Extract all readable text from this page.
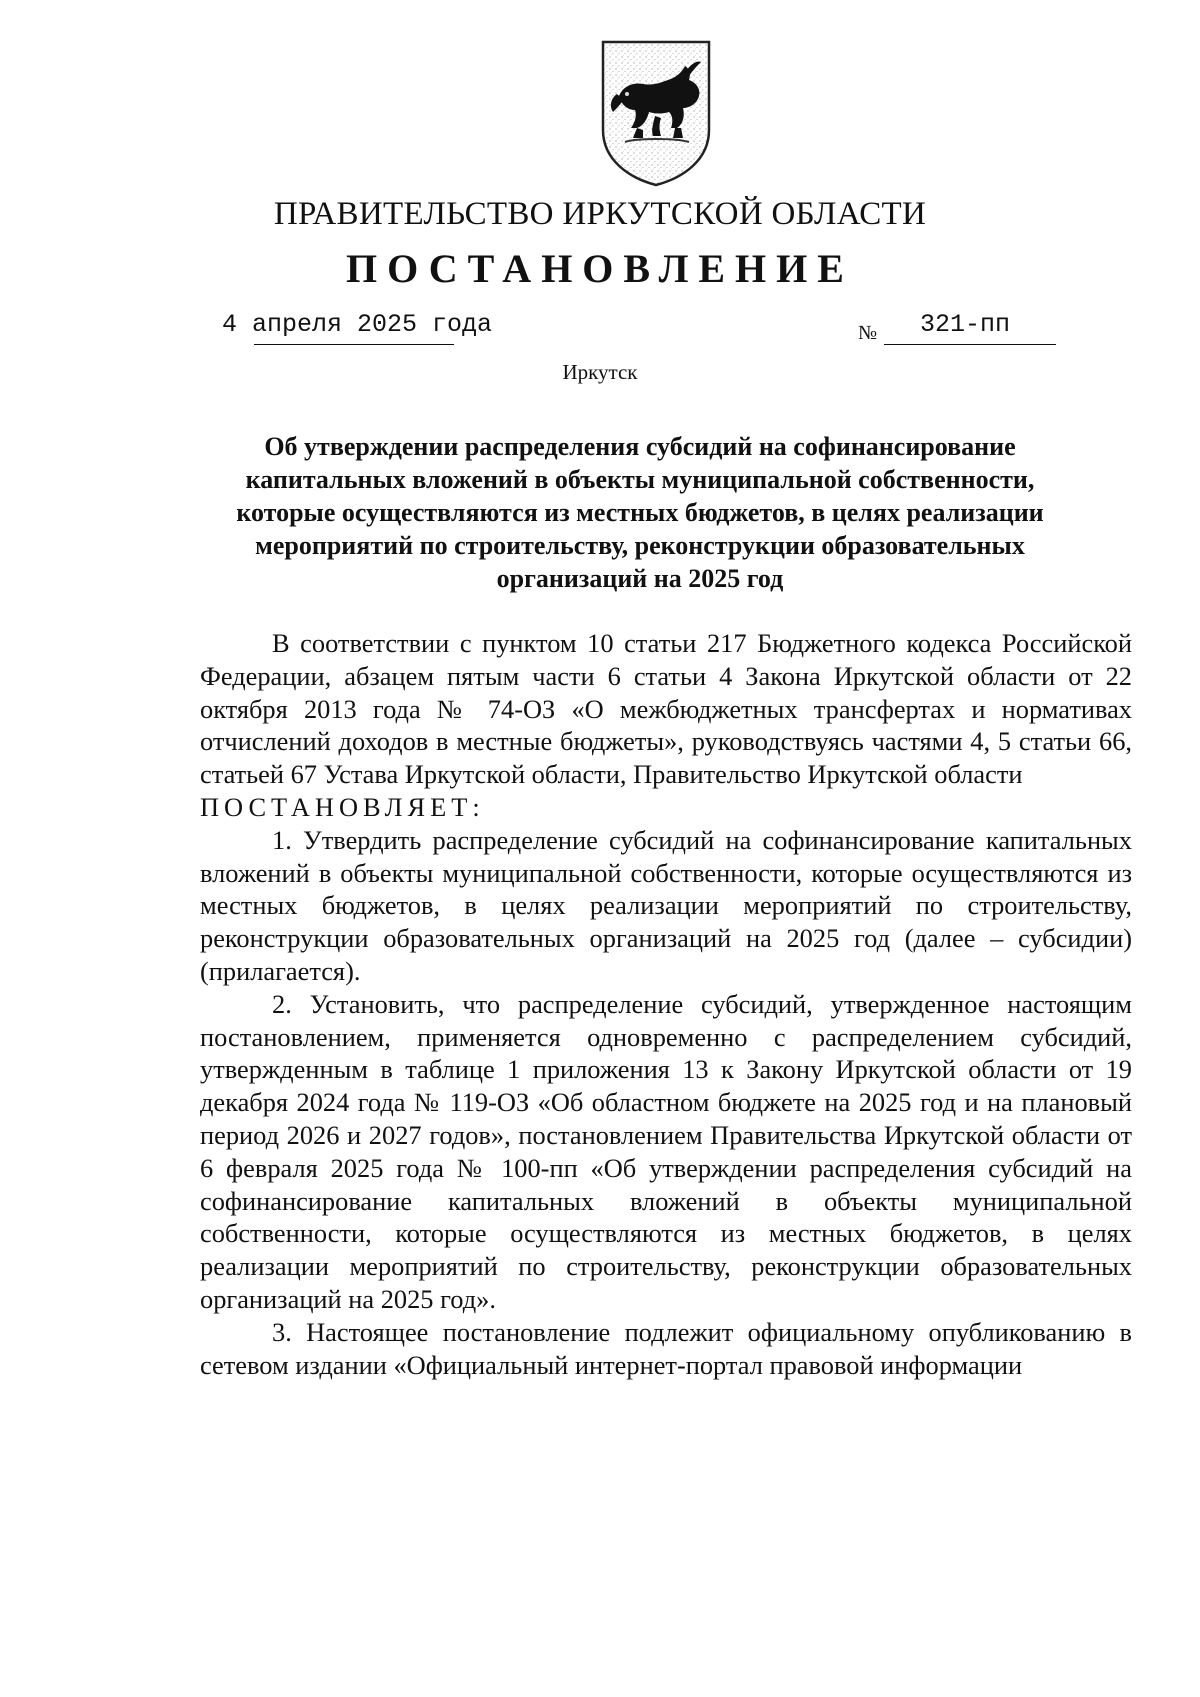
ПРАВИТЕЛЬСТВО ИРКУТСКОЙ ОБЛАСТИ
ПОСТАНОВЛЕНИЕ
4 апреля 2025 года	№ 321-пп
Иркутск
Об утверждении распределения субсидий на софинансирование
капитальных вложений в объекты муниципальной собственности,
которые осуществляются из местных бюджетов, в целях реализации
мероприятий по строительству, реконструкции образовательных
организаций на 2025 год

В соответствии с пунктом 10 статьи 217 Бюджетного кодекса Российской Федерации, абзацем пятым части 6 статьи 4 Закона Иркутской области от 22 октября 2013 года № 74-ОЗ «О межбюджетных трансфертах и нормативах отчислений доходов в местные бюджеты», руководствуясь частями 4, 5 статьи 66, статьей 67 Устава Иркутской области, Правительство Иркутской области

ПОСТАНОВЛЯЕТ:

1. Утвердить распределение субсидий на софинансирование капитальных вложений в объекты муниципальной собственности, которые осуществляются из местных бюджетов, в целях реализации мероприятий по строительству, реконструкции образовательных организаций на 2025 год (далее – субсидии) (прилагается).

2. Установить, что распределение субсидий, утвержденное настоящим постановлением, применяется одновременно с распределением субсидий, утвержденным в таблице 1 приложения 13 к Закону Иркутской области от 19 декабря 2024 года № 119-ОЗ «Об областном бюджете на 2025 год и на плановый период 2026 и 2027 годов», постановлением Правительства Иркутской области от 6 февраля 2025 года № 100-пп «Об утверждении распределения субсидий на софинансирование капитальных вложений в объекты муниципальной собственности, которые осуществляются из местных бюджетов, в целях реализации мероприятий по строительству, реконструкции образовательных организаций на 2025 год».

3. Настоящее постановление подлежит официальному опубликованию в сетевом издании «Официальный интернет-портал правовой информации
